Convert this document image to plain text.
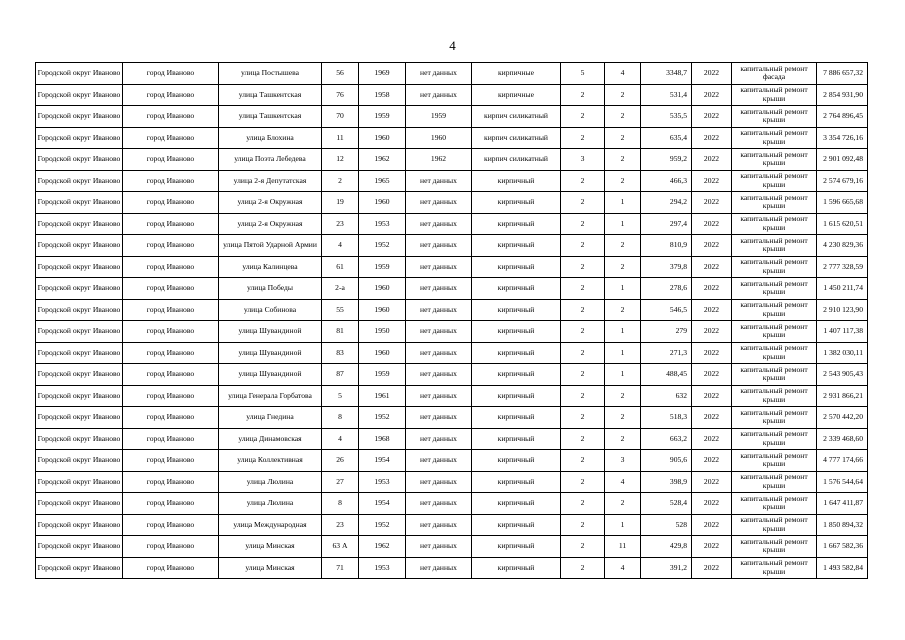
4
Городской округ Иваново	город Иваново	улица Постышева	56	1969	нет данных	кирпичные	5	4	3348,7	2022	капитальный ремонт фасада	7 886 657,32
Городской округ Иваново	город Иваново	улица Ташкентская	76	1958	нет данных	кирпичные	2	2	531,4	2022	капитальный ремонт крыши	2 854 931,90
Городской округ Иваново	город Иваново	улица Ташкентская	70	1959	1959	кирпич силикатный	2	2	535,5	2022	капитальный ремонт крыши	2 764 896,45
Городской округ Иваново	город Иваново	улица Блохина	11	1960	1960	кирпич силикатный	2	2	635,4	2022	капитальный ремонт крыши	3 354 726,16
Городской округ Иваново	город Иваново	улица Поэта Лебедева	12	1962	1962	кирпич силикатный	3	2	959,2	2022	капитальный ремонт крыши	2 901 092,48
Городской округ Иваново	город Иваново	улица 2-я Депутатская	2	1965	нет данных	кирпичный	2	2	466,3	2022	капитальный ремонт крыши	2 574 679,16
Городской округ Иваново	город Иваново	улица 2-я Окружная	19	1960	нет данных	кирпичный	2	1	294,2	2022	капитальный ремонт крыши	1 596 665,68
Городской округ Иваново	город Иваново	улица 2-я Окружная	23	1953	нет данных	кирпичный	2	1	297,4	2022	капитальный ремонт крыши	1 615 620,51
Городской округ Иваново	город Иваново	улица Пятой Ударной Армии	4	1952	нет данных	кирпичный	2	2	810,9	2022	капитальный ремонт крыши	4 230 829,36
Городской округ Иваново	город Иваново	улица Калинцева	61	1959	нет данных	кирпичный	2	2	379,8	2022	капитальный ремонт крыши	2 777 328,59
Городской округ Иваново	город Иваново	улица Победы	2-а	1960	нет данных	кирпичный	2	1	278,6	2022	капитальный ремонт крыши	1 450 211,74
Городской округ Иваново	город Иваново	улица Собинова	55	1960	нет данных	кирпичный	2	2	546,5	2022	капитальный ремонт крыши	2 910 123,90
Городской округ Иваново	город Иваново	улица Шувандиной	81	1950	нет данных	кирпичный	2	1	279	2022	капитальный ремонт крыши	1 407 117,38
Городской округ Иваново	город Иваново	улица Шувандиной	83	1960	нет данных	кирпичный	2	1	271,3	2022	капитальный ремонт крыши	1 382 030,11
Городской округ Иваново	город Иваново	улица Шувандиной	87	1959	нет данных	кирпичный	2	1	488,45	2022	капитальный ремонт крыши	2 543 905,43
Городской округ Иваново	город Иваново	улица Генерала Горбатова	5	1961	нет данных	кирпичный	2	2	632	2022	капитальный ремонт крыши	2 931 866,21
Городской округ Иваново	город Иваново	улица Гнедина	8	1952	нет данных	кирпичный	2	2	518,3	2022	капитальный ремонт крыши	2 570 442,20
Городской округ Иваново	город Иваново	улица Динамовская	4	1968	нет данных	кирпичный	2	2	663,2	2022	капитальный ремонт крыши	2 339 468,60
Городской округ Иваново	город Иваново	улица Коллективная	26	1954	нет данных	кирпичный	2	3	905,6	2022	капитальный ремонт крыши	4 777 174,66
Городской округ Иваново	город Иваново	улица Люлина	27	1953	нет данных	кирпичный	2	4	398,9	2022	капитальный ремонт крыши	1 576 544,64
Городской округ Иваново	город Иваново	улица Люлина	8	1954	нет данных	кирпичный	2	2	528,4	2022	капитальный ремонт крыши	1 647 411,87
Городской округ Иваново	город Иваново	улица Международная	23	1952	нет данных	кирпичный	2	1	528	2022	капитальный ремонт крыши	1 850 894,32
Городской округ Иваново	город Иваново	улица Минская	63 А	1962	нет данных	кирпичный	2	11	429,8	2022	капитальный ремонт крыши	1 667 582,36
Городской округ Иваново	город Иваново	улица Минская	71	1953	нет данных	кирпичный	2	4	391,2	2022	капитальный ремонт крыши	1 493 582,84
